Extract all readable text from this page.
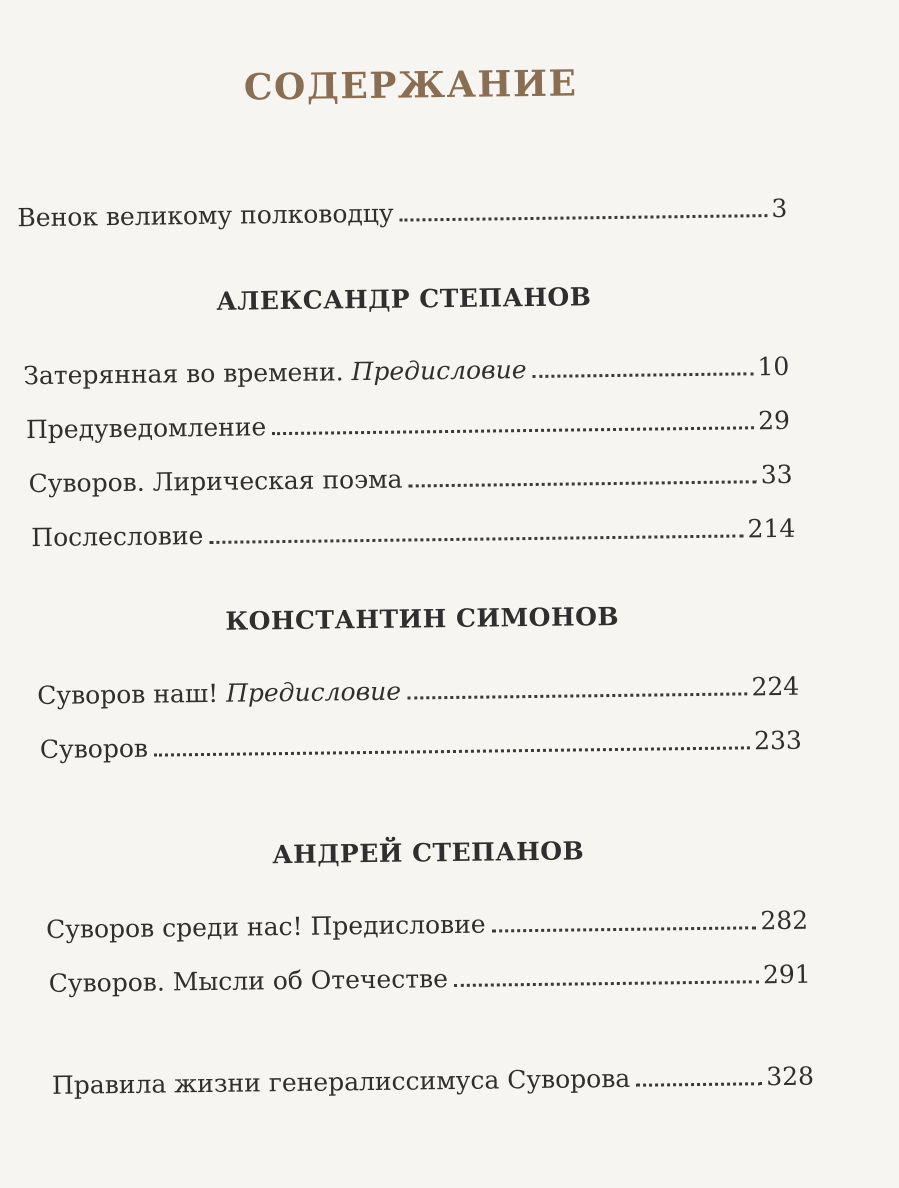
СОДЕРЖАНИЕ
Венок великому полководцу	3
АЛЕКСАНДР СТЕПАНОВ
Затерянная во времени. Предисловие	10
Предуведомление	29
Суворов. Лирическая поэма	33
Послесловие	214
КОНСТАНТИН СИМОНОВ
Суворов наш! Предисловие	224
Суворов	233
АНДРЕЙ СТЕПАНОВ
Суворов среди нас! Предисловие	282
Суворов. Мысли об Отечестве	291
Правила жизни генералиссимуса Суворова	328
